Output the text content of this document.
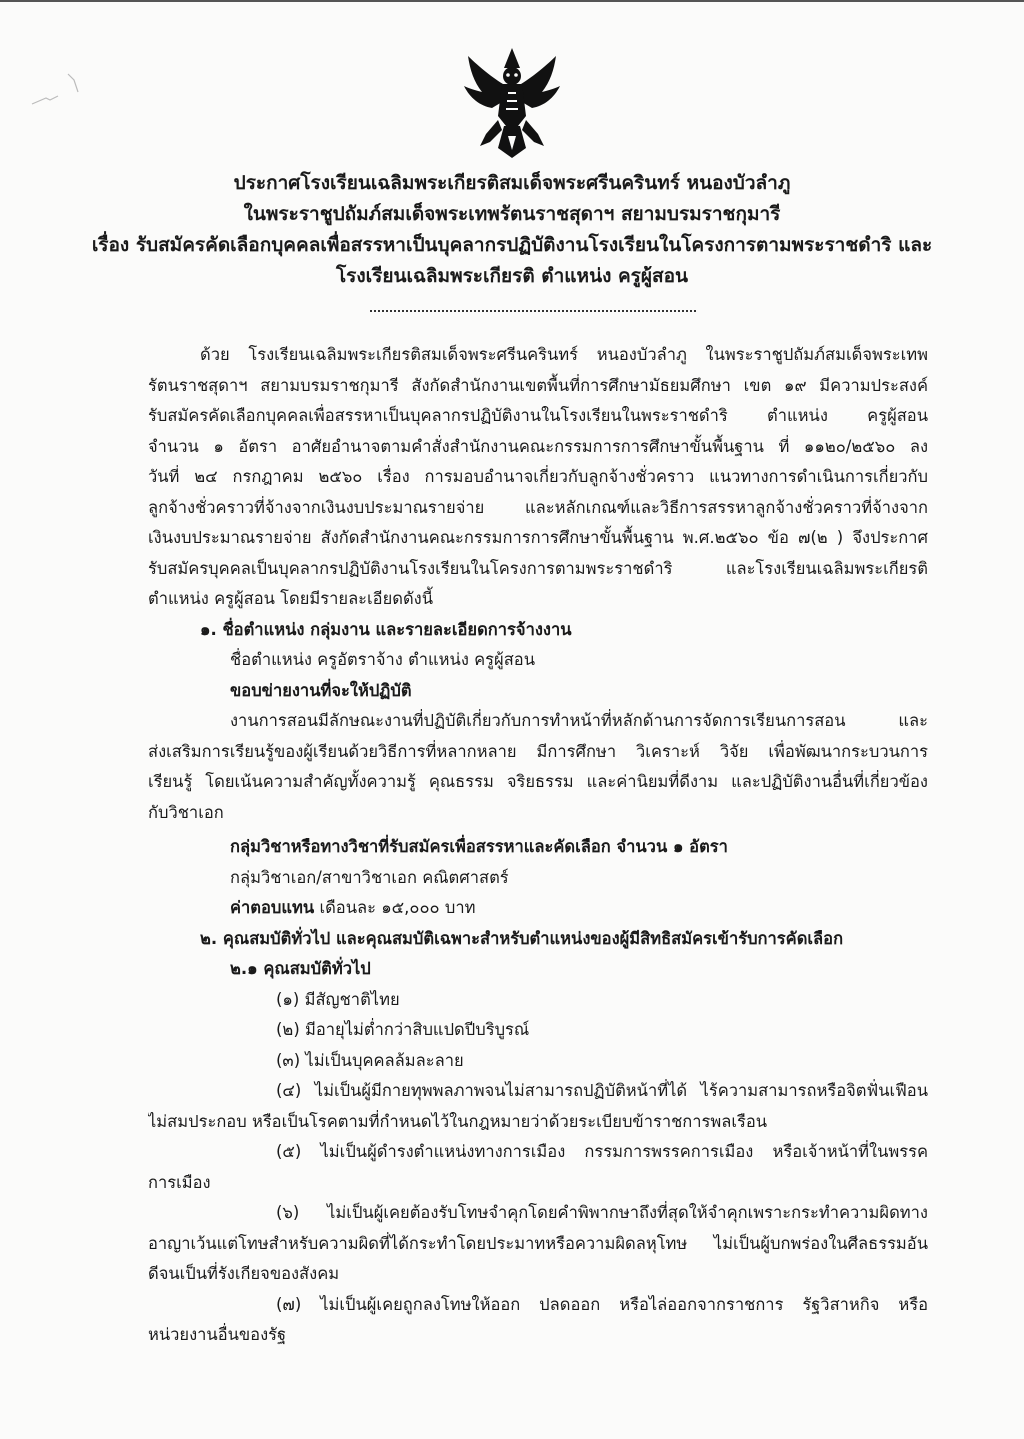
ประกาศโรงเรียนเฉลิมพระเกียรติสมเด็จพระศรีนครินทร์ หนองบัวลำภู
ในพระราชูปถัมภ์สมเด็จพระเทพรัตนราชสุดาฯ สยามบรมราชกุมารี
เรื่อง รับสมัครคัดเลือกบุคคลเพื่อสรรหาเป็นบุคลากรปฏิบัติงานโรงเรียนในโครงการตามพระราชดำริ และ
โรงเรียนเฉลิมพระเกียรติ ตำแหน่ง ครูผู้สอน
ด้วย โรงเรียนเฉลิมพระเกียรติสมเด็จพระศรีนครินทร์ หนองบัวลำภู ในพระราชูปถัมภ์สมเด็จพระเทพ
รัตนราชสุดาฯ สยามบรมราชกุมารี สังกัดสำนักงานเขตพื้นที่การศึกษามัธยมศึกษา เขต ๑๙ มีความประสงค์
รับสมัครคัดเลือกบุคคลเพื่อสรรหาเป็นบุคลากรปฏิบัติงานในโรงเรียนในพระราชดำริ ตำแหน่ง ครูผู้สอน
จำนวน ๑ อัตรา อาศัยอำนาจตามคำสั่งสำนักงานคณะกรรมการการศึกษาขั้นพื้นฐาน ที่ ๑๑๒๐/๒๕๖๐ ลง
วันที่ ๒๔ กรกฎาคม ๒๕๖๐ เรื่อง การมอบอำนาจเกี่ยวกับลูกจ้างชั่วคราว แนวทางการดำเนินการเกี่ยวกับ
ลูกจ้างชั่วคราวที่จ้างจากเงินงบประมาณรายจ่าย และหลักเกณฑ์และวิธีการสรรหาลูกจ้างชั่วคราวที่จ้างจาก
เงินงบประมาณรายจ่าย สังกัดสำนักงานคณะกรรมการการศึกษาขั้นพื้นฐาน พ.ศ.๒๕๖๐ ข้อ ๗(๒ ) จึงประกาศ
รับสมัครบุคคลเป็นบุคลากรปฏิบัติงานโรงเรียนในโครงการตามพระราชดำริ และโรงเรียนเฉลิมพระเกียรติ
ตำแหน่ง ครูผู้สอน โดยมีรายละเอียดดังนี้
๑. ชื่อตำแหน่ง กลุ่มงาน และรายละเอียดการจ้างงาน
ชื่อตำแหน่ง ครูอัตราจ้าง ตำแหน่ง ครูผู้สอน
ขอบข่ายงานที่จะให้ปฏิบัติ
งานการสอนมีลักษณะงานที่ปฏิบัติเกี่ยวกับการทำหน้าที่หลักด้านการจัดการเรียนการสอน และ
ส่งเสริมการเรียนรู้ของผู้เรียนด้วยวิธีการที่หลากหลาย มีการศึกษา วิเคราะห์ วิจัย เพื่อพัฒนากระบวนการ
เรียนรู้ โดยเน้นความสำคัญทั้งความรู้ คุณธรรม จริยธรรม และค่านิยมที่ดีงาม และปฏิบัติงานอื่นที่เกี่ยวข้อง
กับวิชาเอก
กลุ่มวิชาหรือทางวิชาที่รับสมัครเพื่อสรรหาและคัดเลือก จำนวน ๑ อัตรา
กลุ่มวิชาเอก/สาขาวิชาเอก คณิตศาสตร์
ค่าตอบแทน เดือนละ ๑๕,๐๐๐ บาท
๒. คุณสมบัติทั่วไป และคุณสมบัติเฉพาะสำหรับตำแหน่งของผู้มีสิทธิสมัครเข้ารับการคัดเลือก
๒.๑ คุณสมบัติทั่วไป
(๑) มีสัญชาติไทย
(๒) มีอายุไม่ต่ำกว่าสิบแปดปีบริบูรณ์
(๓) ไม่เป็นบุคคลล้มละลาย
(๔) ไม่เป็นผู้มีกายทุพพลภาพจนไม่สามารถปฏิบัติหน้าที่ได้ ไร้ความสามารถหรือจิตฟั่นเฟือน
ไม่สมประกอบ หรือเป็นโรคตามที่กำหนดไว้ในกฎหมายว่าด้วยระเบียบข้าราชการพลเรือน
(๕) ไม่เป็นผู้ดำรงตำแหน่งทางการเมือง กรรมการพรรคการเมือง หรือเจ้าหน้าที่ในพรรค
การเมือง
(๖) ไม่เป็นผู้เคยต้องรับโทษจำคุกโดยคำพิพากษาถึงที่สุดให้จำคุกเพราะกระทำความผิดทาง
อาญาเว้นแต่โทษสำหรับความผิดที่ได้กระทำโดยประมาทหรือความผิดลหุโทษ ไม่เป็นผู้บกพร่องในศีลธรรมอัน
ดีจนเป็นที่รังเกียจของสังคม
(๗) ไม่เป็นผู้เคยถูกลงโทษให้ออก ปลดออก หรือไล่ออกจากราชการ รัฐวิสาหกิจ หรือ
หน่วยงานอื่นของรัฐ
